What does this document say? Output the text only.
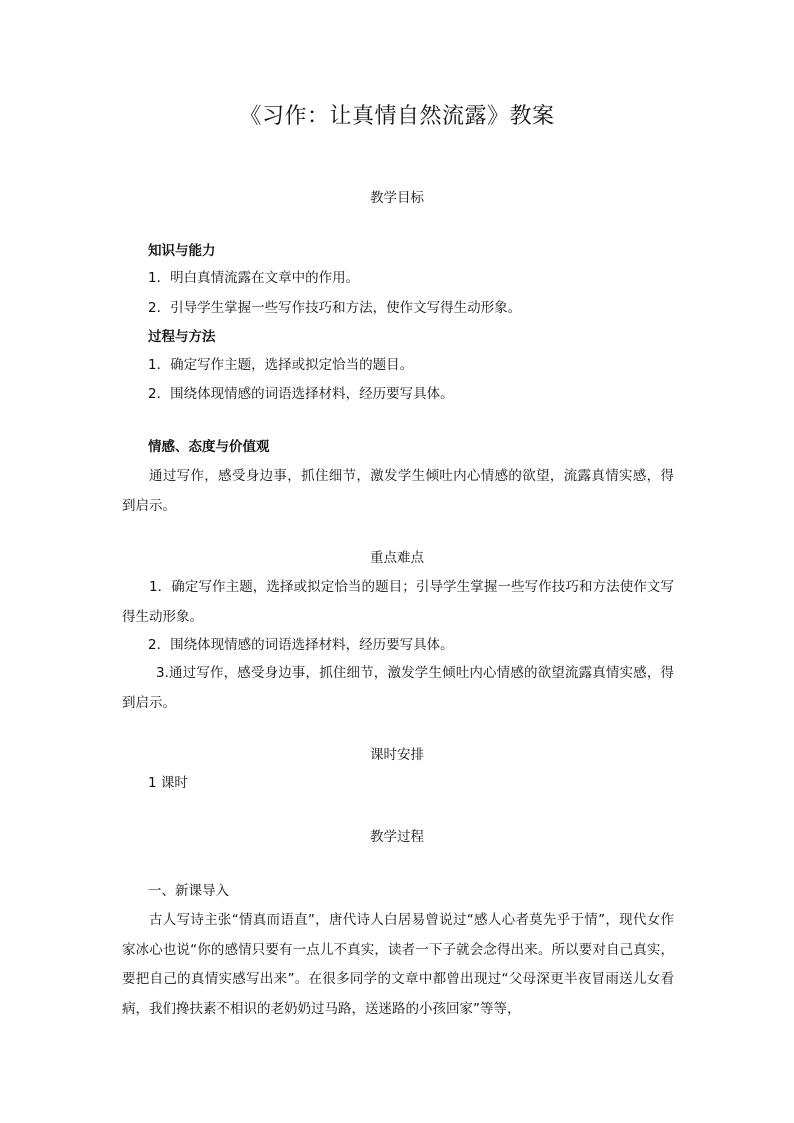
《习作：让真情自然流露》教案
教学目标
知识与能力
1．明白真情流露在文章中的作用。
2．引导学生掌握一些写作技巧和方法，使作文写得生动形象。
过程与方法
1．确定写作主题，选择或拟定恰当的题目。
2．围绕体现情感的词语选择材料，经历要写具体。
情感、态度与价值观
通过写作，感受身边事，抓住细节，激发学生倾吐内心情感的欲望，流露真情实感，得到启示。
重点难点
1．确定写作主题，选择或拟定恰当的题目；引导学生掌握一些写作技巧和方法使作文写得生动形象。
2．围绕体现情感的词语选择材料，经历要写具体。
3.通过写作，感受身边事，抓住细节，激发学生倾吐内心情感的欲望流露真情实感，得到启示。
课时安排
1 课时
教学过程
一、新课导入
古人写诗主张“情真而语直”，唐代诗人白居易曾说过“感人心者莫先乎于情”，现代女作家冰心也说“你的感情只要有一点儿不真实，读者一下子就会念得出来。所以要对自己真实，要把自己的真情实感写出来”。在很多同学的文章中都曾出现过“父母深更半夜冒雨送儿女看病，我们搀扶素不相识的老奶奶过马路，送迷路的小孩回家”等等，
